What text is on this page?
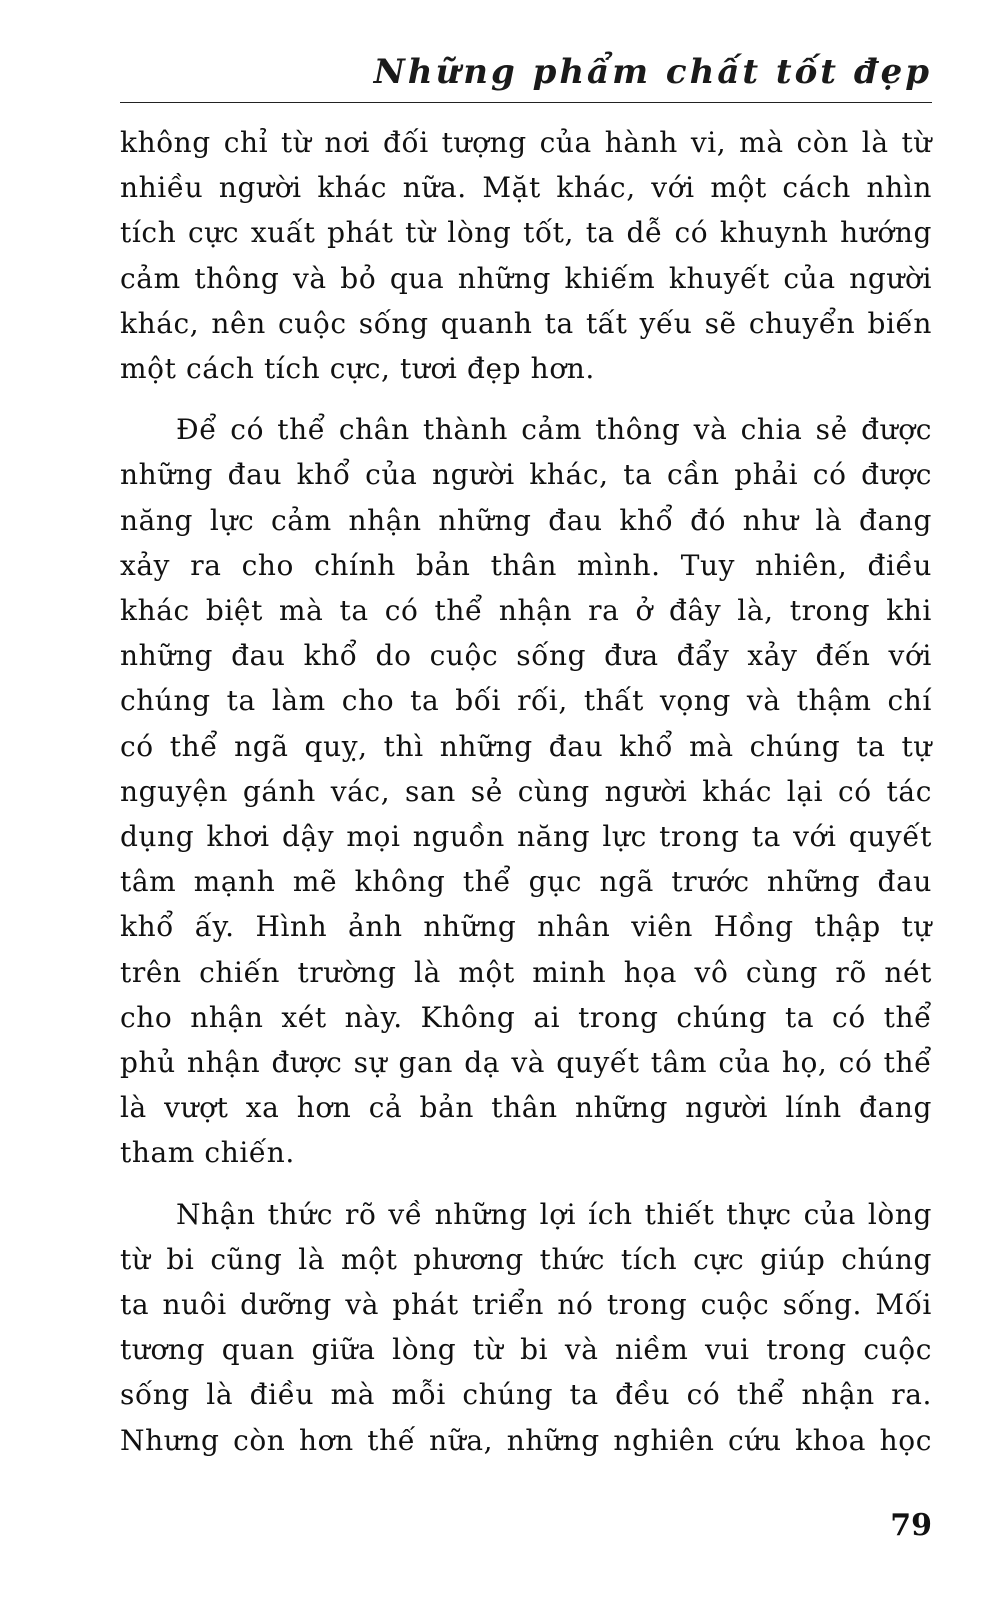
Những phẩm chất tốt đẹp
không chỉ từ nơi đối tượng của hành vi, mà còn là từ
nhiều người khác nữa. Mặt khác, với một cách nhìn
tích cực xuất phát từ lòng tốt, ta dễ có khuynh hướng
cảm thông và bỏ qua những khiếm khuyết của người
khác, nên cuộc sống quanh ta tất yếu sẽ chuyển biến
một cách tích cực, tươi đẹp hơn.
Để có thể chân thành cảm thông và chia sẻ được
những đau khổ của người khác, ta cần phải có được
năng lực cảm nhận những đau khổ đó như là đang
xảy ra cho chính bản thân mình. Tuy nhiên, điều
khác biệt mà ta có thể nhận ra ở đây là, trong khi
những đau khổ do cuộc sống đưa đẩy xảy đến với
chúng ta làm cho ta bối rối, thất vọng và thậm chí
có thể ngã quỵ, thì những đau khổ mà chúng ta tự
nguyện gánh vác, san sẻ cùng người khác lại có tác
dụng khơi dậy mọi nguồn năng lực trong ta với quyết
tâm mạnh mẽ không thể gục ngã trước những đau
khổ ấy. Hình ảnh những nhân viên Hồng thập tự
trên chiến trường là một minh họa vô cùng rõ nét
cho nhận xét này. Không ai trong chúng ta có thể
phủ nhận được sự gan dạ và quyết tâm của họ, có thể
là vượt xa hơn cả bản thân những người lính đang
tham chiến.
Nhận thức rõ về những lợi ích thiết thực của lòng
từ bi cũng là một phương thức tích cực giúp chúng
ta nuôi dưỡng và phát triển nó trong cuộc sống. Mối
tương quan giữa lòng từ bi và niềm vui trong cuộc
sống là điều mà mỗi chúng ta đều có thể nhận ra.
Nhưng còn hơn thế nữa, những nghiên cứu khoa học
79
